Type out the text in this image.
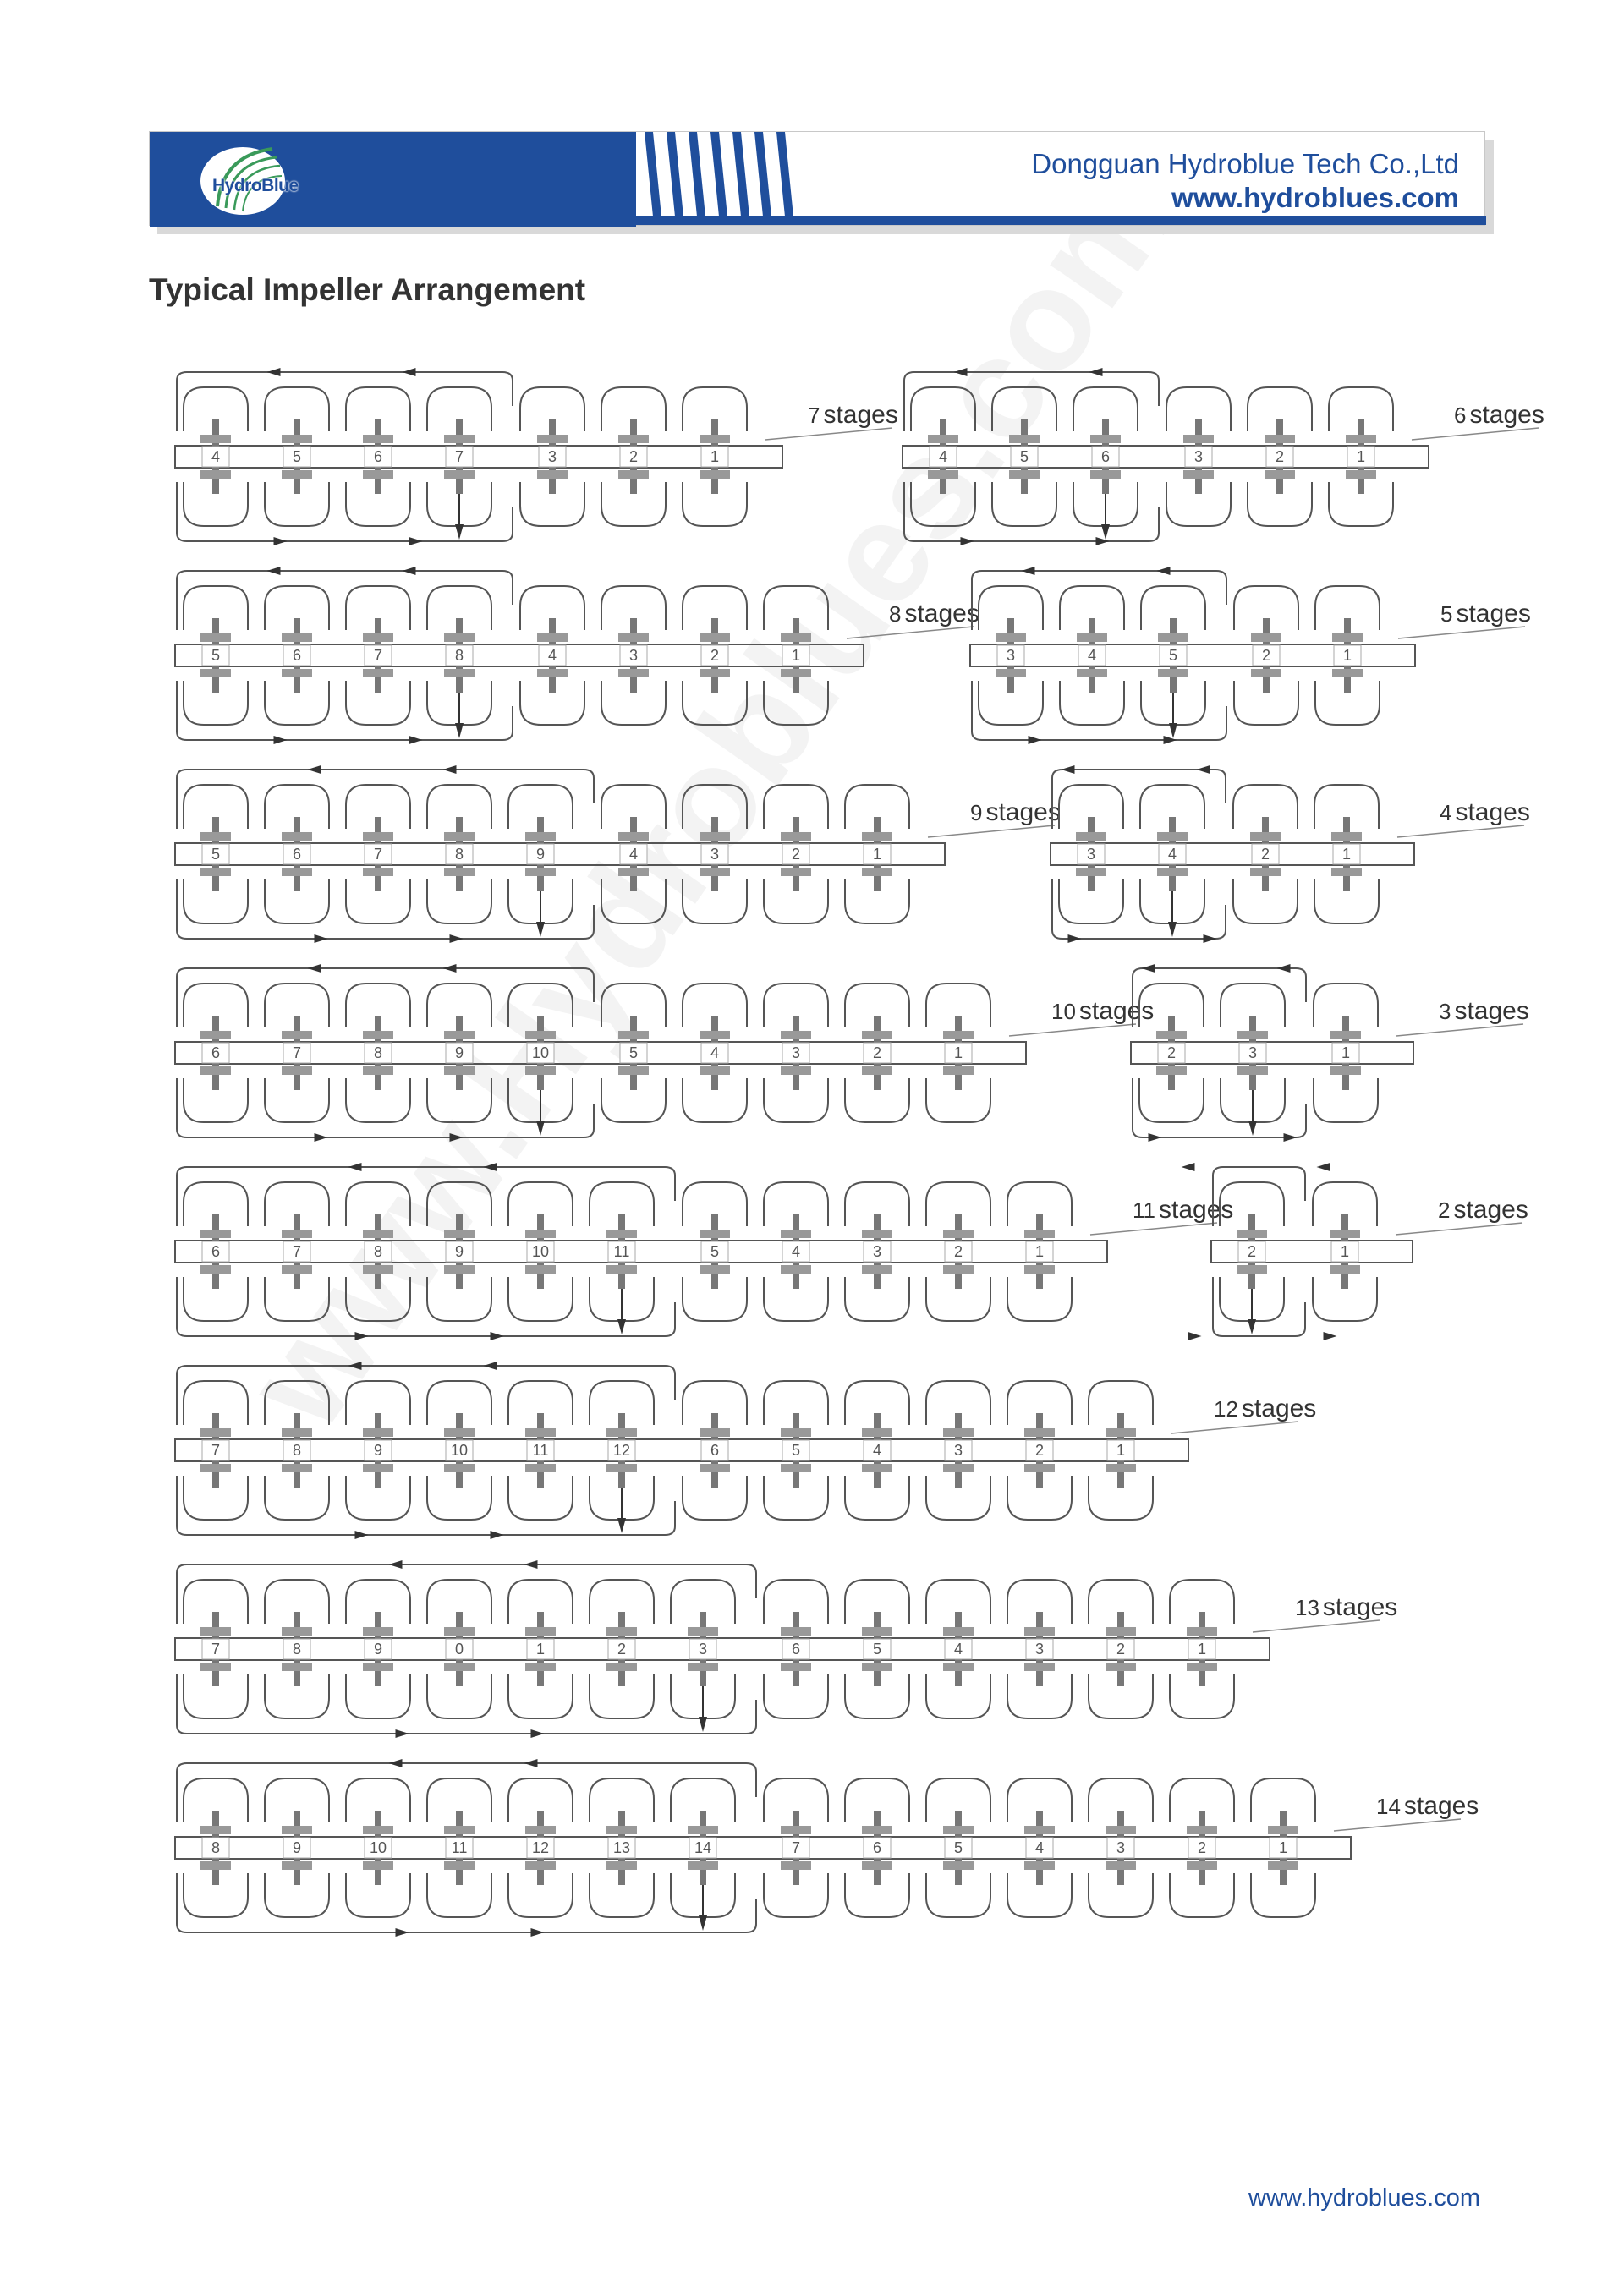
4	5	6	7	3	2	1
7 stages
4	5	6	3	2	1
6 stages
5	6	7	8	4	3	2	1
8 stages
3	4	5	2	1
5 stages
5	6	7	8	9	4	3	2	1
9 stages
3	4	2	1
4 stages
6	7	8	9	10	5	4	3	2	1
10 stages
2	3	1
3 stages
6	7	8	9	10	11	5	4	3	2	1
11 stages
2	1
2 stages
7	8	9	10	11	12	6	5	4	3	2	1
12 stages
7	8	9	0	1	2	3	6	5	4	3	2	1
13 stages
8	9	10	11	12	13	14	7	6	5	4	3	2	1
14 stages
HydroBlue
Dongguan Hydroblue Tech Co.,Ltd
www.hydroblues.com
Typical Impeller Arrangement
www.hydroblues.com
